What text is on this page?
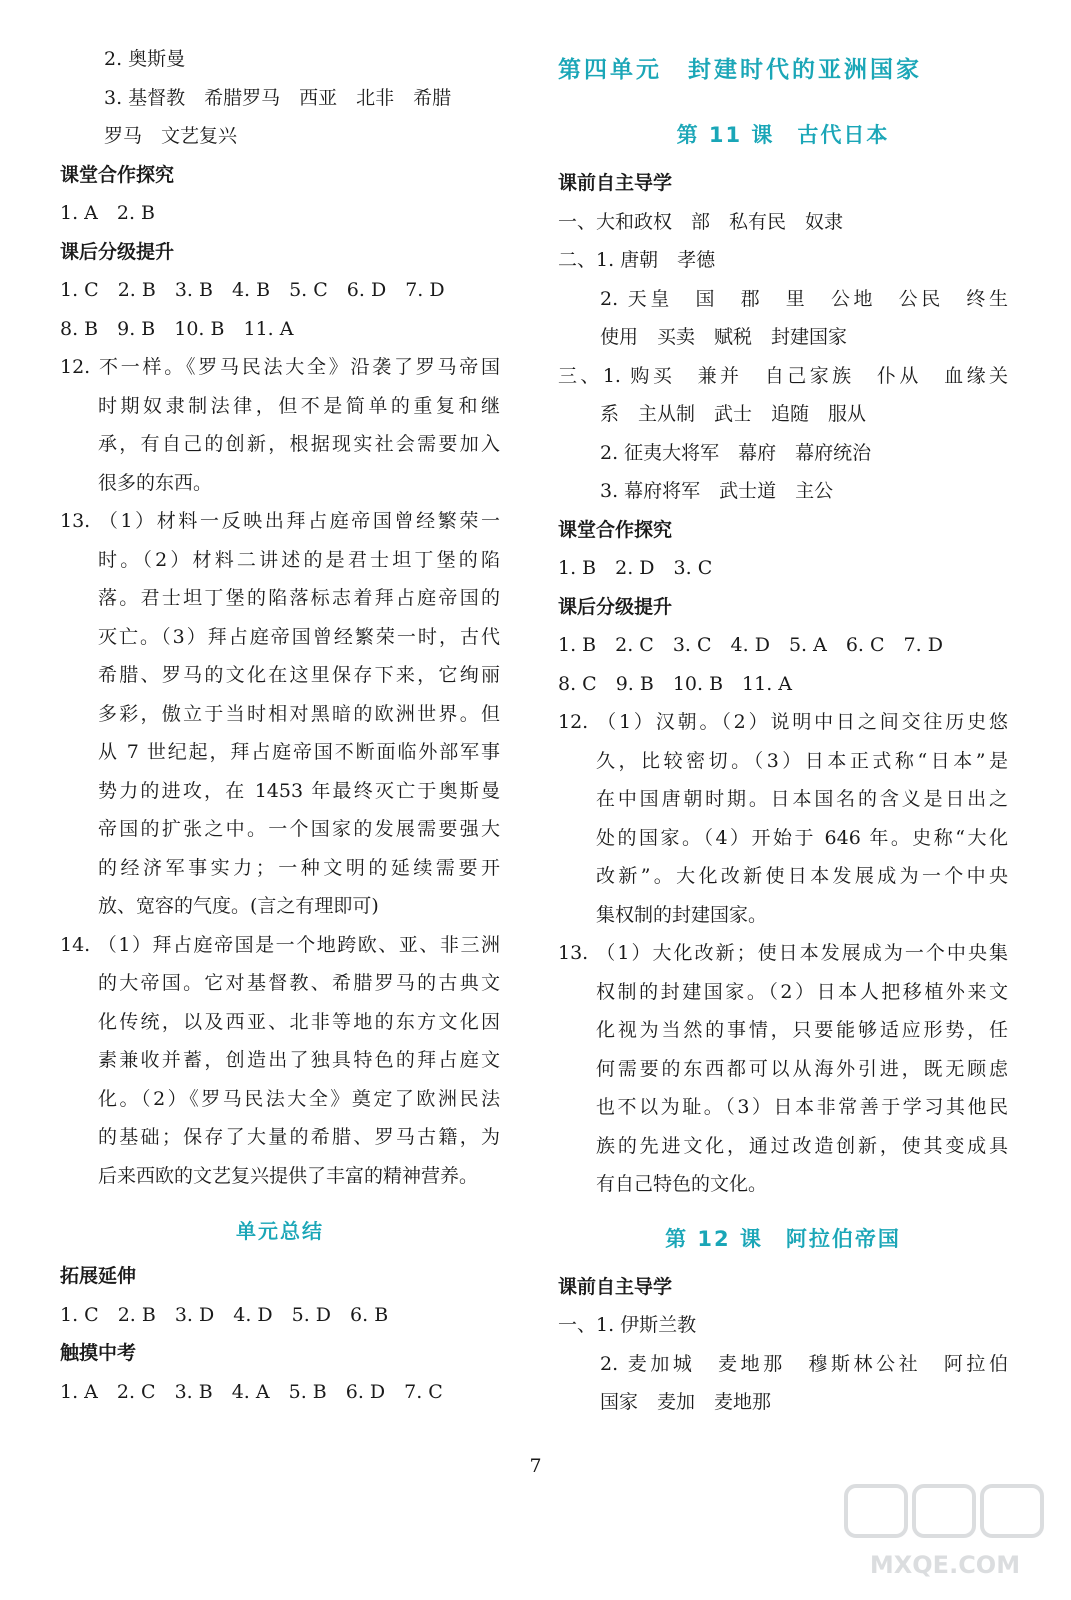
2. 奥斯曼
3. 基督教　希腊罗马　西亚　北非　希腊
罗马　文艺复兴
课堂合作探究
1. A　2. B
课后分级提升
1. C　2. B　3. B　4. B　5. C　6. D　7. D
8. B　9. B　10. B　11. A
12. 不一样。《罗马民法大全》沿袭了罗马帝国
时期奴隶制法律，但不是简单的重复和继
承，有自己的创新，根据现实社会需要加入
很多的东西。
13. （1）材料一反映出拜占庭帝国曾经繁荣一
时。（2）材料二讲述的是君士坦丁堡的陷
落。君士坦丁堡的陷落标志着拜占庭帝国的
灭亡。（3）拜占庭帝国曾经繁荣一时，古代
希腊、罗马的文化在这里保存下来，它绚丽
多彩，傲立于当时相对黑暗的欧洲世界。但
从 7 世纪起，拜占庭帝国不断面临外部军事
势力的进攻，在 1453 年最终灭亡于奥斯曼
帝国的扩张之中。一个国家的发展需要强大
的经济军事实力；一种文明的延续需要开
放、宽容的气度。(言之有理即可)
14. （1）拜占庭帝国是一个地跨欧、亚、非三洲
的大帝国。它对基督教、希腊罗马的古典文
化传统，以及西亚、北非等地的东方文化因
素兼收并蓄，创造出了独具特色的拜占庭文
化。（2）《罗马民法大全》奠定了欧洲民法
的基础；保存了大量的希腊、罗马古籍，为
后来西欧的文艺复兴提供了丰富的精神营养。
单元总结
拓展延伸
1. C　2. B　3. D　4. D　5. D　6. B
触摸中考
1. A　2. C　3. B　4. A　5. B　6. D　7. C
第四单元　封建时代的亚洲国家
第 11 课　古代日本
课前自主导学
一、大和政权　部　私有民　奴隶
二、1. 唐朝　孝德
2. 天皇　国　郡　里　公地　公民　终生
使用　买卖　赋税　封建国家
三、1. 购买　兼并　自己家族　仆从　血缘关
系　主从制　武士　追随　服从
2. 征夷大将军　幕府　幕府统治
3. 幕府将军　武士道　主公
课堂合作探究
1. B　2. D　3. C
课后分级提升
1. B　2. C　3. C　4. D　5. A　6. C　7. D
8. C　9. B　10. B　11. A
12. （1）汉朝。（2）说明中日之间交往历史悠
久，比较密切。（3）日本正式称“日本”是
在中国唐朝时期。日本国名的含义是日出之
处的国家。（4）开始于 646 年。史称“大化
改新”。大化改新使日本发展成为一个中央
集权制的封建国家。
13. （1）大化改新；使日本发展成为一个中央集
权制的封建国家。（2）日本人把移植外来文
化视为当然的事情，只要能够适应形势，任
何需要的东西都可以从海外引进，既无顾虑
也不以为耻。（3）日本非常善于学习其他民
族的先进文化，通过改造创新，使其变成具
有自己特色的文化。
第 12 课　阿拉伯帝国
课前自主导学
一、1. 伊斯兰教
2. 麦加城　麦地那　穆斯林公社　阿拉伯
国家　麦加　麦地那
7
MXQE.COM
